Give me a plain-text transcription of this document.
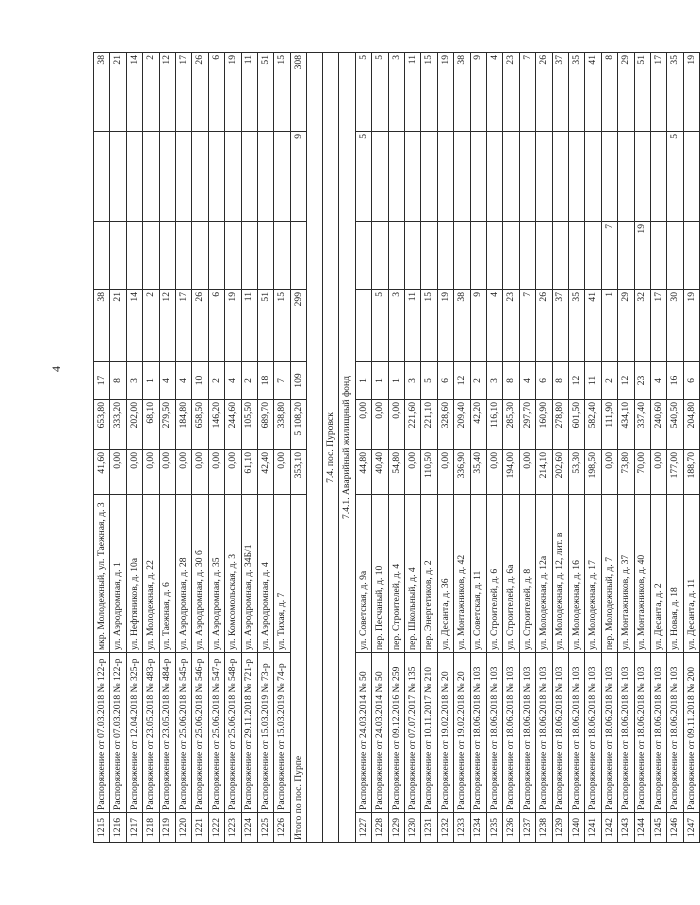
4
1215	Распоряжение от 07.03.2018 № 122-р	мкр. Молодежный, ул. Таежная, д. 3	41,60	653,80	17	38			38
1216	Распоряжение от 07.03.2018 № 122-р	ул. Аэродромная, д. 1	0,00	333,20	8	21			21
1217	Распоряжение от 12.04.2018 № 325-р	ул. Нефтяников, д. 10а	0,00	202,00	3	14			14
1218	Распоряжение от 23.05.2018 № 483-р	ул. Молодежная, д. 22	0,00	68,10	1	2			2
1219	Распоряжение от 23.05.2018 № 484-р	ул. Таежная, д. 6	0,00	279,50	4	12			12
1220	Распоряжение от 25.06.2018 № 545-р	ул. Аэродромная, д. 28	0,00	184,80	4	17			17
1221	Распоряжение от 25.06.2018 № 546-р	ул. Аэродромная, д. 30 б	0,00	658,50	10	26			26
1222	Распоряжение от 25.06.2018 № 547-р	ул. Аэродромная, д. 35	0,00	146,20	2	6			6
1223	Распоряжение от 25.06.2018 № 548-р	ул. Комсомольская, д. 3	0,00	244,60	4	19			19
1224	Распоряжение от 29.11.2018 № 721-р	ул. Аэродромная, д. 34Б/1	61,10	105,50	2	11			11
1225	Распоряжение от 15.03.2019 № 73-р	ул. Аэродромная, д. 4	42,40	689,70	18	51			51
1226	Распоряжение от 15.03.2019 № 74-р	ул. Тихая, д. 7	0,00	338,80	7	15			15
Итого по пос. Пурпе			353,10	5 108,20	109	299		9	308

7.4. пос. Пуровск									
7.4.1. Аварийный жилищный фонд									
1227	Распоряжение от 24.03.2014 № 50	ул. Советская, д. 9а	44,80	0,00	1			5	5
1228	Распоряжение от 24.03.2014 № 50	пер. Песчаный, д. 10	40,40	0,00	1	5			5
1229	Распоряжение от 09.12.2016 № 259	пер. Строителей, д. 4	54,80	0,00	1	3			3
1230	Распоряжение от 07.07.2017 № 135	пер. Школьный, д. 4	0,00	221,60	3	11			11
1231	Распоряжение от 10.11.2017 № 210	пер. Энергетиков, д. 2	110,50	221,10	5	15			15
1232	Распоряжение от 19.02.2018 № 20	ул. Десанта, д. 36	0,00	328,60	6	19			19
1233	Распоряжение от 19.02.2018 № 20	ул. Монтажников, д. 42	336,90	209,40	12	38			38
1234	Распоряжение от 18.06.2018 № 103	ул. Советская, д. 11	35,40	42,20	2	9			9
1235	Распоряжение от 18.06.2018 № 103	ул. Строителей, д. 6	0,00	116,10	3	4			4
1236	Распоряжение от 18.06.2018 № 103	ул. Строителей, д. 6а	194,00	285,30	8	23			23
1237	Распоряжение от 18.06.2018 № 103	ул. Строителей, д. 8	0,00	297,70	4	7			7
1238	Распоряжение от 18.06.2018 № 103	ул. Молодежная, д. 12а	214,10	160,90	6	26			26
1239	Распоряжение от 18.06.2018 № 103	ул. Молодежная, д. 12, лит. в	202,60	278,80	8	37			37
1240	Распоряжение от 18.06.2018 № 103	ул. Молодежная, д. 16	53,30	601,50	12	35			35
1241	Распоряжение от 18.06.2018 № 103	ул. Молодежная, д. 17	198,50	582,40	11	41			41
1242	Распоряжение от 18.06.2018 № 103	пер. Молодежный, д. 7	0,00	111,90	2	1	7		8
1243	Распоряжение от 18.06.2018 № 103	ул. Монтажников, д. 37	73,80	434,10	12	29			29
1244	Распоряжение от 18.06.2018 № 103	ул. Монтажников, д. 40	70,00	337,40	23	32	19		51
1245	Распоряжение от 18.06.2018 № 103	ул. Десанта, д. 2	0,00	240,60	4	17			17
1246	Распоряжение от 18.06.2018 № 103	ул. Новая, д. 18	177,00	540,50	16	30		5	35
1247	Распоряжение от 09.11.2018 № 200	ул. Десанта, д. 11	188,70	204,80	6	19			19
